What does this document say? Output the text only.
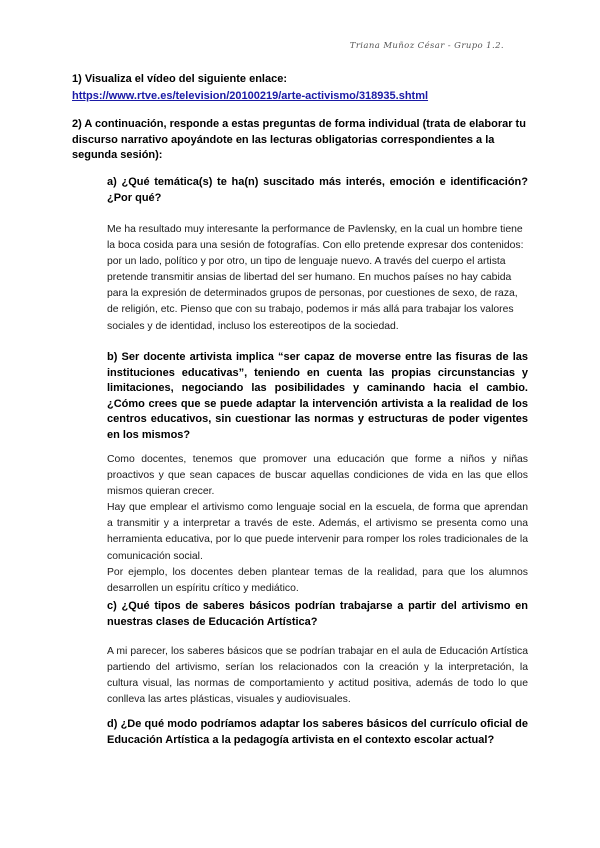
Triana Muñoz César - Grupo 1.2.
1) Visualiza el vídeo del siguiente enlace:
https://www.rtve.es/television/20100219/arte-activismo/318935.shtml
2) A continuación, responde a estas preguntas de forma individual (trata de elaborar tu discurso narrativo apoyándote en las lecturas obligatorias correspondientes a la segunda sesión):
a) ¿Qué temática(s) te ha(n) suscitado más interés, emoción e identificación? ¿Por qué?
Me ha resultado muy interesante la performance de Pavlensky, en la cual un hombre tiene la boca cosida para una sesión de fotografías. Con ello pretende expresar dos contenidos: por un lado, político y por otro, un tipo de lenguaje nuevo. A través del cuerpo el artista pretende transmitir ansias de libertad del ser humano. En muchos países no hay cabida para la expresión de determinados grupos de personas, por cuestiones de sexo, de raza, de religión, etc. Pienso que con su trabajo, podemos ir más allá para trabajar los valores sociales y de identidad, incluso los estereotipos de la sociedad.
b) Ser docente artivista implica “ser capaz de moverse entre las fisuras de las instituciones educativas”, teniendo en cuenta las propias circunstancias y limitaciones, negociando las posibilidades y caminando hacia el cambio. ¿Cómo crees que se puede adaptar la intervención artivista a la realidad de los centros educativos, sin cuestionar las normas y estructuras de poder vigentes en los mismos?

Como docentes, tenemos que promover una educación que forme a niños y niñas proactivos y que sean capaces de buscar aquellas condiciones de vida en las que ellos mismos quieran crecer.

Hay que emplear el artivismo como lenguaje social en la escuela, de forma que aprendan a transmitir y a interpretar a través de este. Además, el artivismo se presenta como una herramienta educativa, por lo que puede intervenir para romper los roles tradicionales de la comunicación social.

Por ejemplo, los docentes deben plantear temas de la realidad, para que los alumnos desarrollen un espíritu crítico y mediático.

c) ¿Qué tipos de saberes básicos podrían trabajarse a partir del artivismo en nuestras clases de Educación Artística?
A mi parecer, los saberes básicos que se podrían trabajar en el aula de Educación Artística partiendo del artivismo, serían los relacionados con la creación y la interpretación, la cultura visual, las normas de comportamiento y actitud positiva, además de todo lo que conlleva las artes plásticas, visuales y audiovisuales.
d) ¿De qué modo podríamos adaptar los saberes básicos del currículo oficial de Educación Artística a la pedagogía artivista en el contexto escolar actual?
